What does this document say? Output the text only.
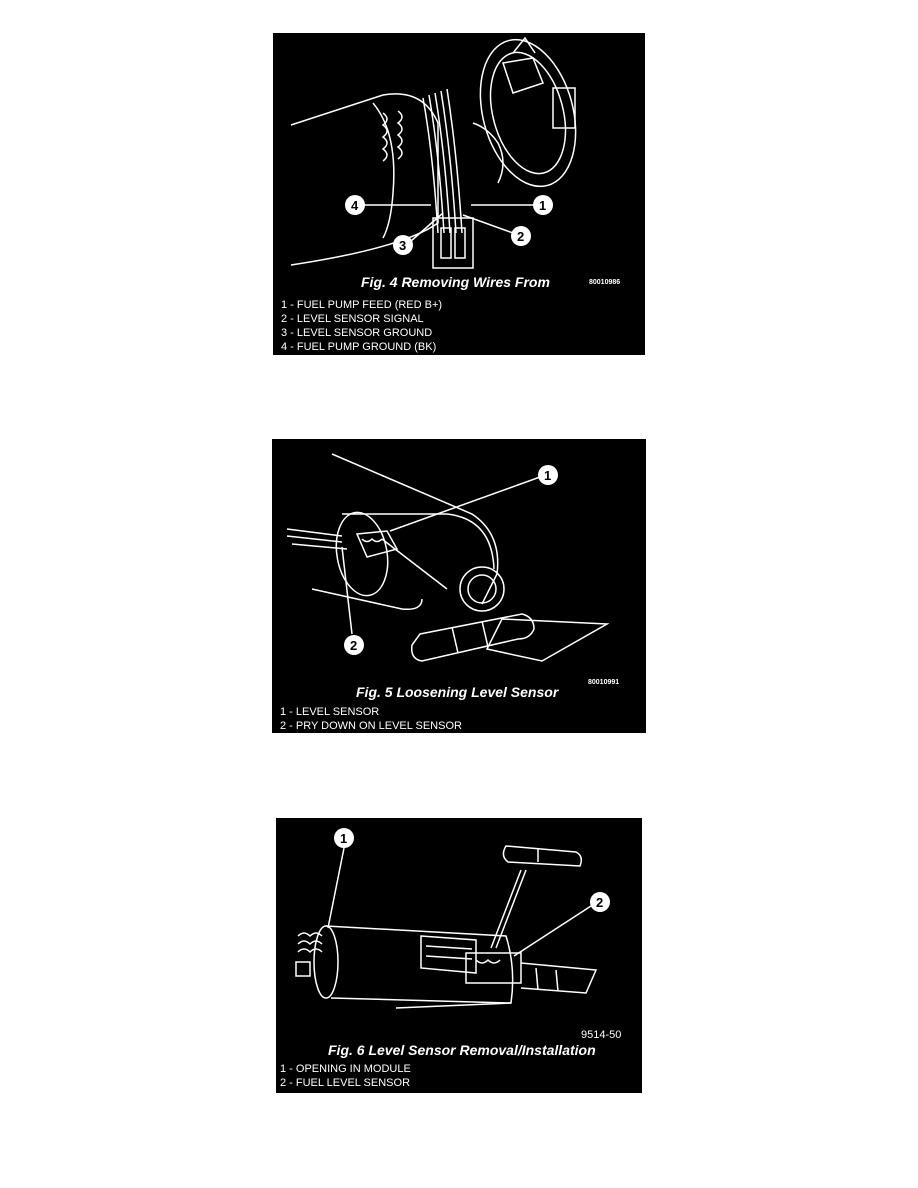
4	1
2
3
80010986
Fig. 4 Removing Wires From
1 - FUEL PUMP FEED (RED B+)
2 - LEVEL SENSOR SIGNAL
3 - LEVEL SENSOR GROUND
4 - FUEL PUMP GROUND (BK)
1
2
80010991
Fig. 5 Loosening Level Sensor
1 - LEVEL SENSOR
2 - PRY DOWN ON LEVEL SENSOR
1
2
9514-50
Fig. 6 Level Sensor Removal/Installation
1 - OPENING IN MODULE
2 - FUEL LEVEL SENSOR
